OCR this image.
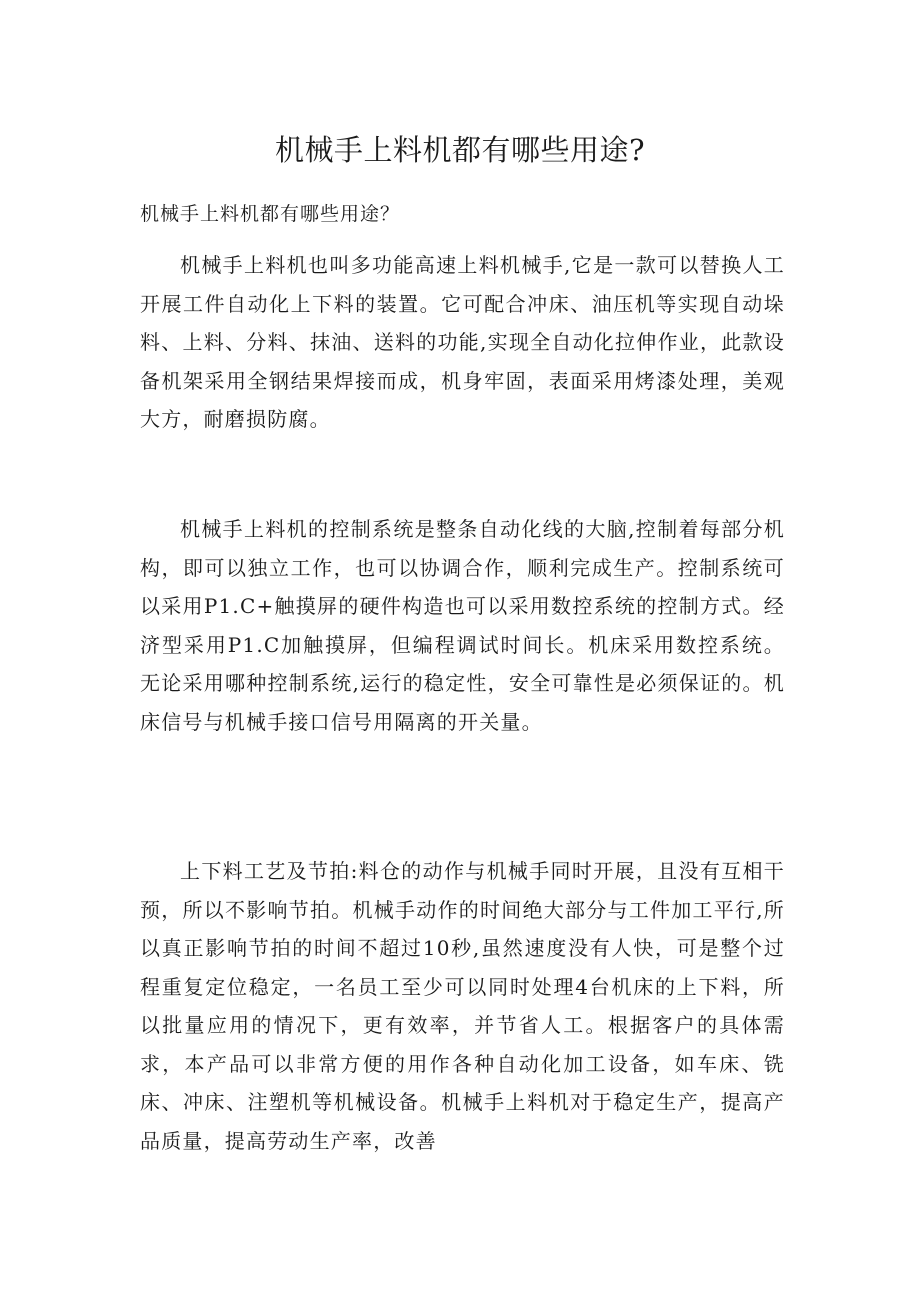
机械手上料机都有哪些用途?

机械手上料机都有哪些用途？

机械手上料机也叫多功能高速上料机械手,它是一款可以替换人工开展工件自动化上下料的装置。它可配合冲床、油压机等实现自动垛料、上料、分料、抹油、送料的功能,实现全自动化拉伸作业，此款设备机架采用全钢结果焊接而成，机身牢固，表面采用烤漆处理，美观大方，耐磨损防腐。

机械手上料机的控制系统是整条自动化线的大脑,控制着每部分机构，即可以独立工作，也可以协调合作，顺利完成生产。控制系统可以采用P1.C+触摸屏的硬件构造也可以采用数控系统的控制方式。经济型采用P1.C加触摸屏，但编程调试时间长。机床采用数控系统。无论采用哪种控制系统,运行的稳定性，安全可靠性是必须保证的。机床信号与机械手接口信号用隔离的开关量。

上下料工艺及节拍:料仓的动作与机械手同时开展，且没有互相干预，所以不影响节拍。机械手动作的时间绝大部分与工件加工平行,所以真正影响节拍的时间不超过10秒,虽然速度没有人快，可是整个过程重复定位稳定，一名员工至少可以同时处理4台机床的上下料，所以批量应用的情况下，更有效率，并节省人工。根据客户的具体需求，本产品可以非常方便的用作各种自动化加工设备，如车床、铣床、冲床、注塑机等机械设备。机械手上料机对于稳定生产，提高产品质量，提高劳动生产率，改善
